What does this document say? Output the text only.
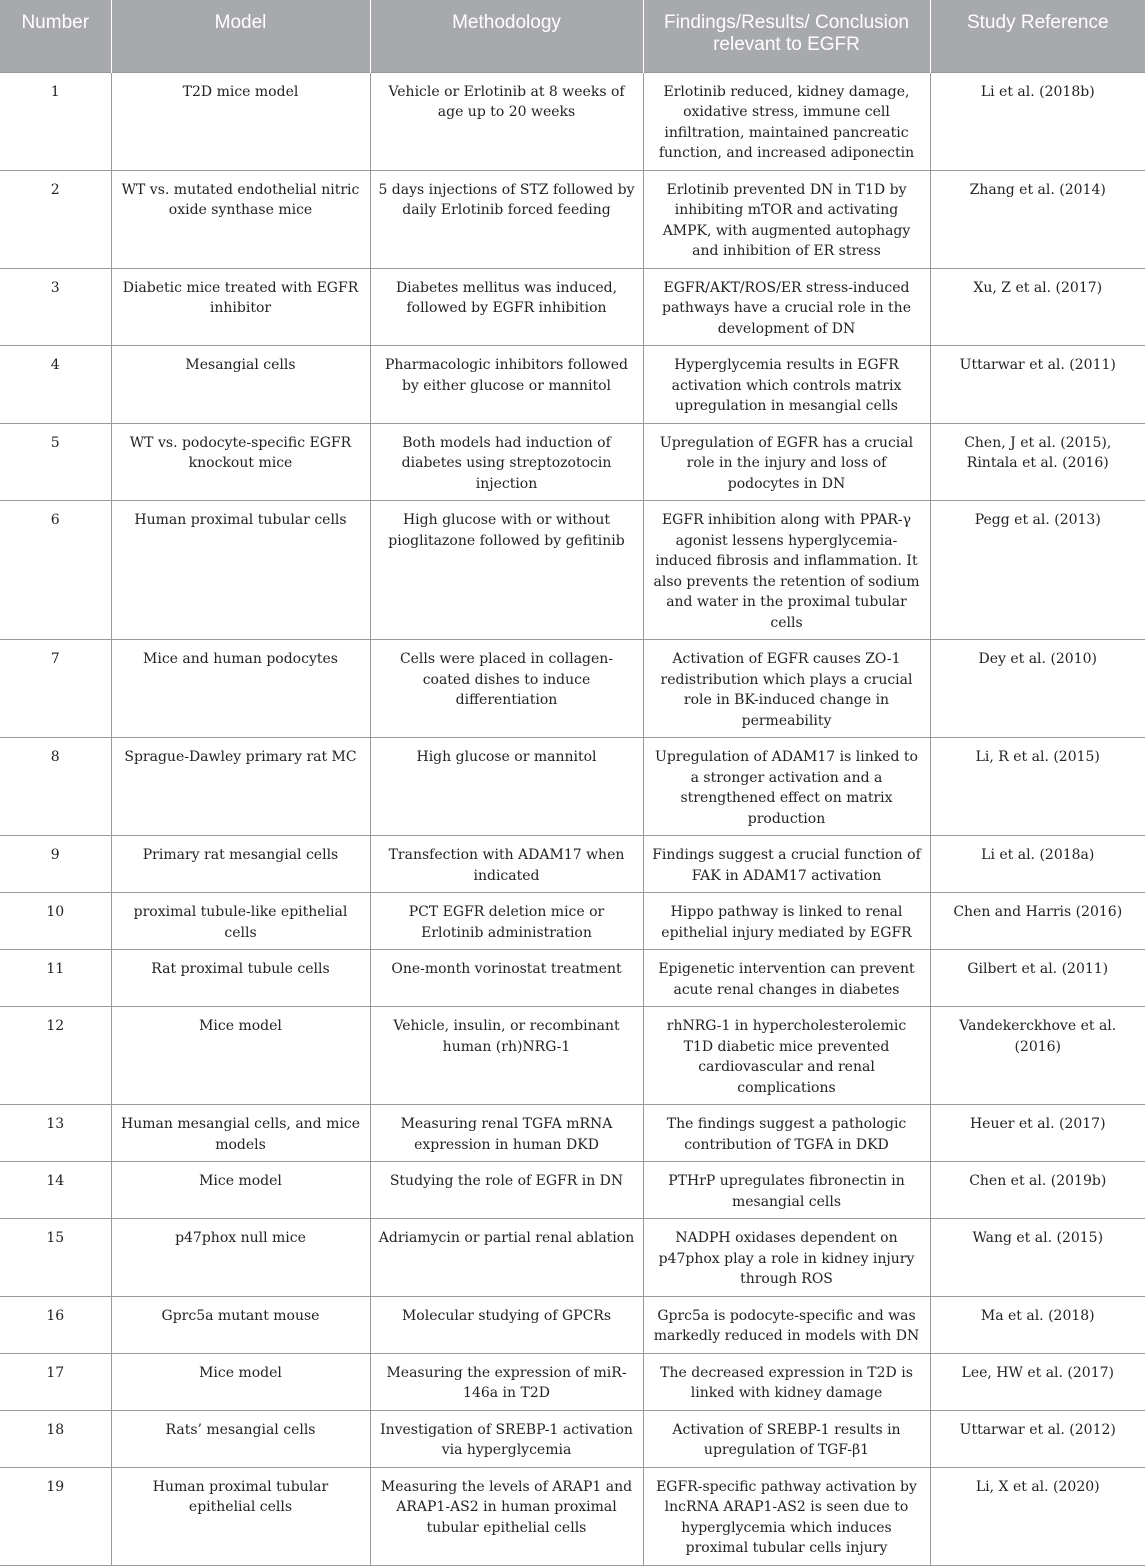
Number	Model	Methodology	Findings/Results/ Conclusion relevant to EGFR	Study Reference
1	T2D mice model	Vehicle or Erlotinib at 8 weeks of age up to 20 weeks	Erlotinib reduced, kidney damage, oxidative stress, immune cell infiltration, maintained pancreatic function, and increased adiponectin	Li et al. (2018b)
2	WT vs. mutated endothelial nitric oxide synthase mice	5 days injections of STZ followed by daily Erlotinib forced feeding	Erlotinib prevented DN in T1D by inhibiting mTOR and activating AMPK, with augmented autophagy and inhibition of ER stress	Zhang et al. (2014)
3	Diabetic mice treated with EGFR inhibitor	Diabetes mellitus was induced, followed by EGFR inhibition	EGFR/AKT/ROS/ER stress-induced pathways have a crucial role in the development of DN	Xu, Z et al. (2017)
4	Mesangial cells	Pharmacologic inhibitors followed by either glucose or mannitol	Hyperglycemia results in EGFR activation which controls matrix upregulation in mesangial cells	Uttarwar et al. (2011)
5	WT vs. podocyte-specific EGFR knockout mice	Both models had induction of diabetes using streptozotocin injection	Upregulation of EGFR has a crucial role in the injury and loss of podocytes in DN	Chen, J et al. (2015), Rintala et al. (2016)
6	Human proximal tubular cells	High glucose with or without pioglitazone followed by gefitinib	EGFR inhibition along with PPAR-γ agonist lessens hyperglycemia-induced fibrosis and inflammation. It also prevents the retention of sodium and water in the proximal tubular cells	Pegg et al. (2013)
7	Mice and human podocytes	Cells were placed in collagen-coated dishes to induce differentiation	Activation of EGFR causes ZO-1 redistribution which plays a crucial role in BK-induced change in permeability	Dey et al. (2010)
8	Sprague-Dawley primary rat MC	High glucose or mannitol	Upregulation of ADAM17 is linked to a stronger activation and a strengthened effect on matrix production	Li, R et al. (2015)
9	Primary rat mesangial cells	Transfection with ADAM17 when indicated	Findings suggest a crucial function of FAK in ADAM17 activation	Li et al. (2018a)
10	proximal tubule-like epithelial cells	PCT EGFR deletion mice or Erlotinib administration	Hippo pathway is linked to renal epithelial injury mediated by EGFR	Chen and Harris (2016)
11	Rat proximal tubule cells	One-month vorinostat treatment	Epigenetic intervention can prevent acute renal changes in diabetes	Gilbert et al. (2011)
12	Mice model	Vehicle, insulin, or recombinant human (rh)NRG-1	rhNRG-1 in hypercholesterolemic T1D diabetic mice prevented cardiovascular and renal complications	Vandekerckhove et al. (2016)
13	Human mesangial cells, and mice models	Measuring renal TGFA mRNA expression in human DKD	The findings suggest a pathologic contribution of TGFA in DKD	Heuer et al. (2017)
14	Mice model	Studying the role of EGFR in DN	PTHrP upregulates fibronectin in mesangial cells	Chen et al. (2019b)
15	p47phox null mice	Adriamycin or partial renal ablation	NADPH oxidases dependent on p47phox play a role in kidney injury through ROS	Wang et al. (2015)
16	Gprc5a mutant mouse	Molecular studying of GPCRs	Gprc5a is podocyte-specific and was markedly reduced in models with DN	Ma et al. (2018)
17	Mice model	Measuring the expression of miR-146a in T2D	The decreased expression in T2D is linked with kidney damage	Lee, HW et al. (2017)
18	Rats’ mesangial cells	Investigation of SREBP-1 activation via hyperglycemia	Activation of SREBP-1 results in upregulation of TGF-β1	Uttarwar et al. (2012)
19	Human proximal tubular epithelial cells	Measuring the levels of ARAP1 and ARAP1-AS2 in human proximal tubular epithelial cells	EGFR-specific pathway activation by lncRNA ARAP1-AS2 is seen due to hyperglycemia which induces proximal tubular cells injury	Li, X et al. (2020)
